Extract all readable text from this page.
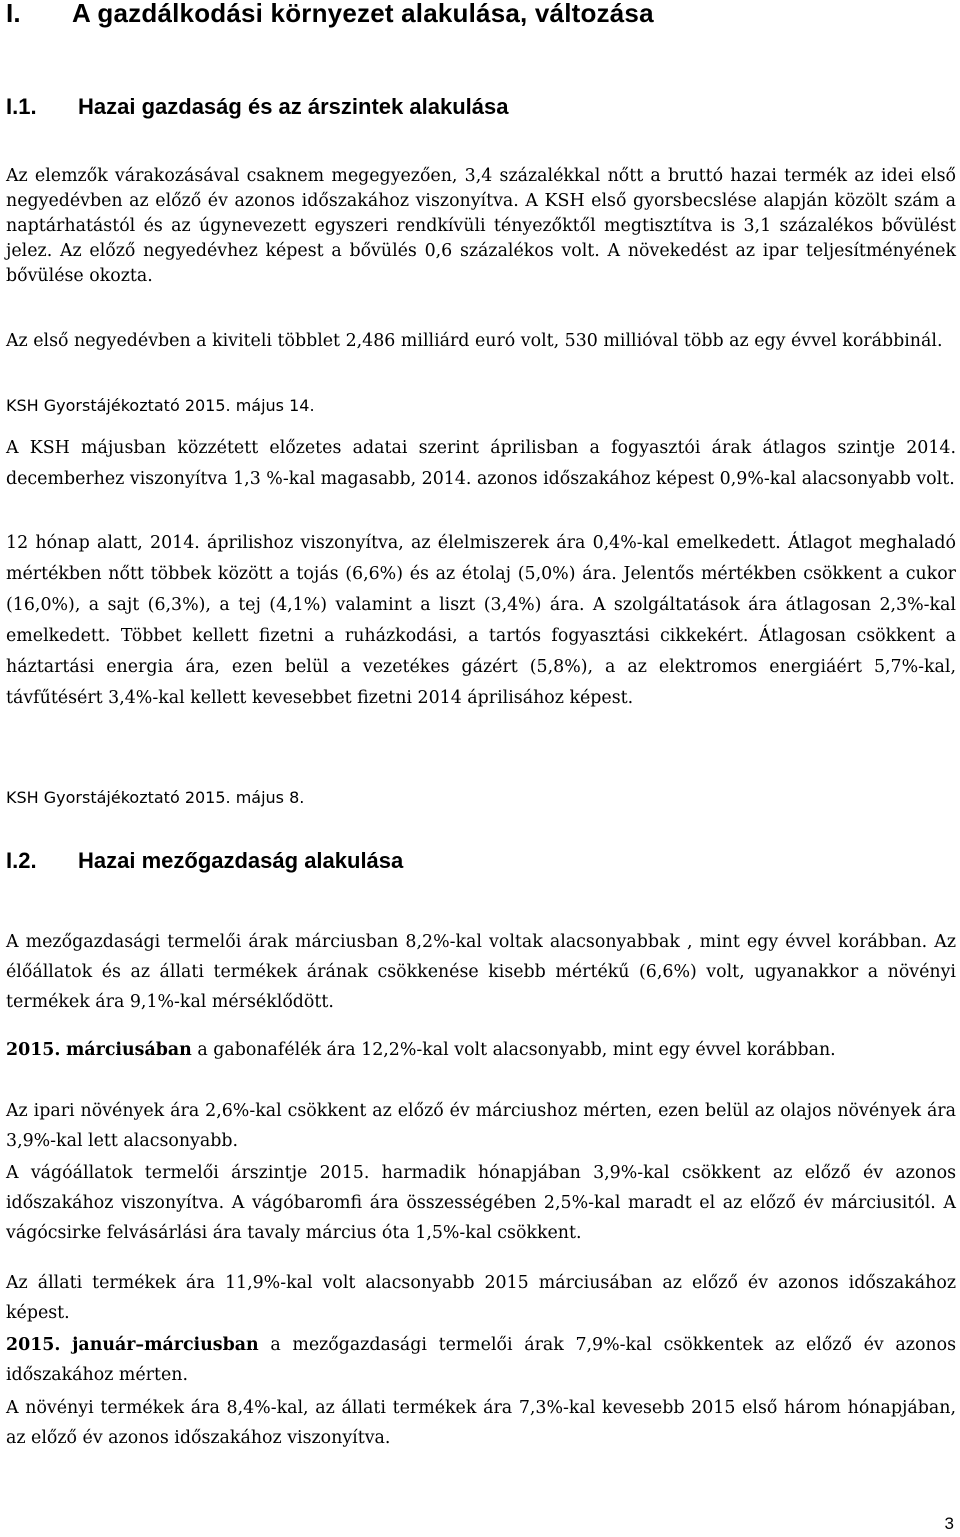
I. A gazdálkodási környezet alakulása, változása
I.1. Hazai gazdaság és az árszintek alakulása
Az elemzők várakozásával csaknem megegyezően, 3,4 százalékkal nőtt a bruttó hazai termék az idei első negyedévben az előző év azonos időszakához viszonyítva. A KSH első gyorsbecslése alapján közölt szám a naptárhatástól és az úgynevezett egyszeri rendkívüli tényezőktől megtisztítva is 3,1 százalékos bővülést jelez. Az előző negyedévhez képest a bővülés 0,6 százalékos volt. A növekedést az ipar teljesítményének bővülése okozta.
Az első negyedévben a kiviteli többlet 2,486 milliárd euró volt, 530 millióval több az egy évvel korábbinál.
KSH Gyorstájékoztató 2015. május 14.
A KSH májusban közzétett előzetes adatai szerint áprilisban a fogyasztói árak átlagos szintje 2014. decemberhez viszonyítva 1,3 %-kal magasabb, 2014. azonos időszakához képest 0,9%-kal alacsonyabb volt.
12 hónap alatt, 2014. áprilishoz viszonyítva, az élelmiszerek ára 0,4%-kal emelkedett. Átlagot meghaladó mértékben nőtt többek között a tojás (6,6%) és az étolaj (5,0%) ára. Jelentős mértékben csökkent a cukor (16,0%), a sajt (6,3%), a tej (4,1%) valamint a liszt (3,4%) ára. A szolgáltatások ára átlagosan 2,3%-kal emelkedett. Többet kellett fizetni a ruházkodási, a tartós fogyasztási cikkekért. Átlagosan csökkent a háztartási energia ára, ezen belül a vezetékes gázért (5,8%), a az elektromos energiáért 5,7%-kal, távfűtésért 3,4%-kal kellett kevesebbet fizetni 2014 áprilisához képest.
KSH Gyorstájékoztató 2015. május 8.
I.2. Hazai mezőgazdaság alakulása
A mezőgazdasági termelői árak márciusban 8,2%-kal voltak alacsonyabbak , mint egy évvel korábban. Az élőállatok és az állati termékek árának csökkenése kisebb mértékű (6,6%) volt, ugyanakkor a növényi termékek ára 9,1%-kal mérséklődött.
2015. márciusában a gabonafélék ára 12,2%-kal volt alacsonyabb, mint egy évvel korábban.
Az ipari növények ára 2,6%-kal csökkent az előző év márciushoz mérten, ezen belül az olajos növények ára 3,9%-kal lett alacsonyabb.
A vágóállatok termelői árszintje 2015. harmadik hónapjában 3,9%-kal csökkent az előző év azonos időszakához viszonyítva. A vágóbaromfi ára összességében 2,5%-kal maradt el az előző év márciusitól. A vágócsirke felvásárlási ára tavaly március óta 1,5%-kal csökkent.
Az állati termékek ára 11,9%-kal volt alacsonyabb 2015 márciusában az előző év azonos időszakához képest.
2015. január–márciusban a mezőgazdasági termelői árak 7,9%-kal csökkentek az előző év azonos időszakához mérten.
A növényi termékek ára 8,4%-kal, az állati termékek ára 7,3%-kal kevesebb 2015 első három hónapjában, az előző év azonos időszakához viszonyítva.
3
